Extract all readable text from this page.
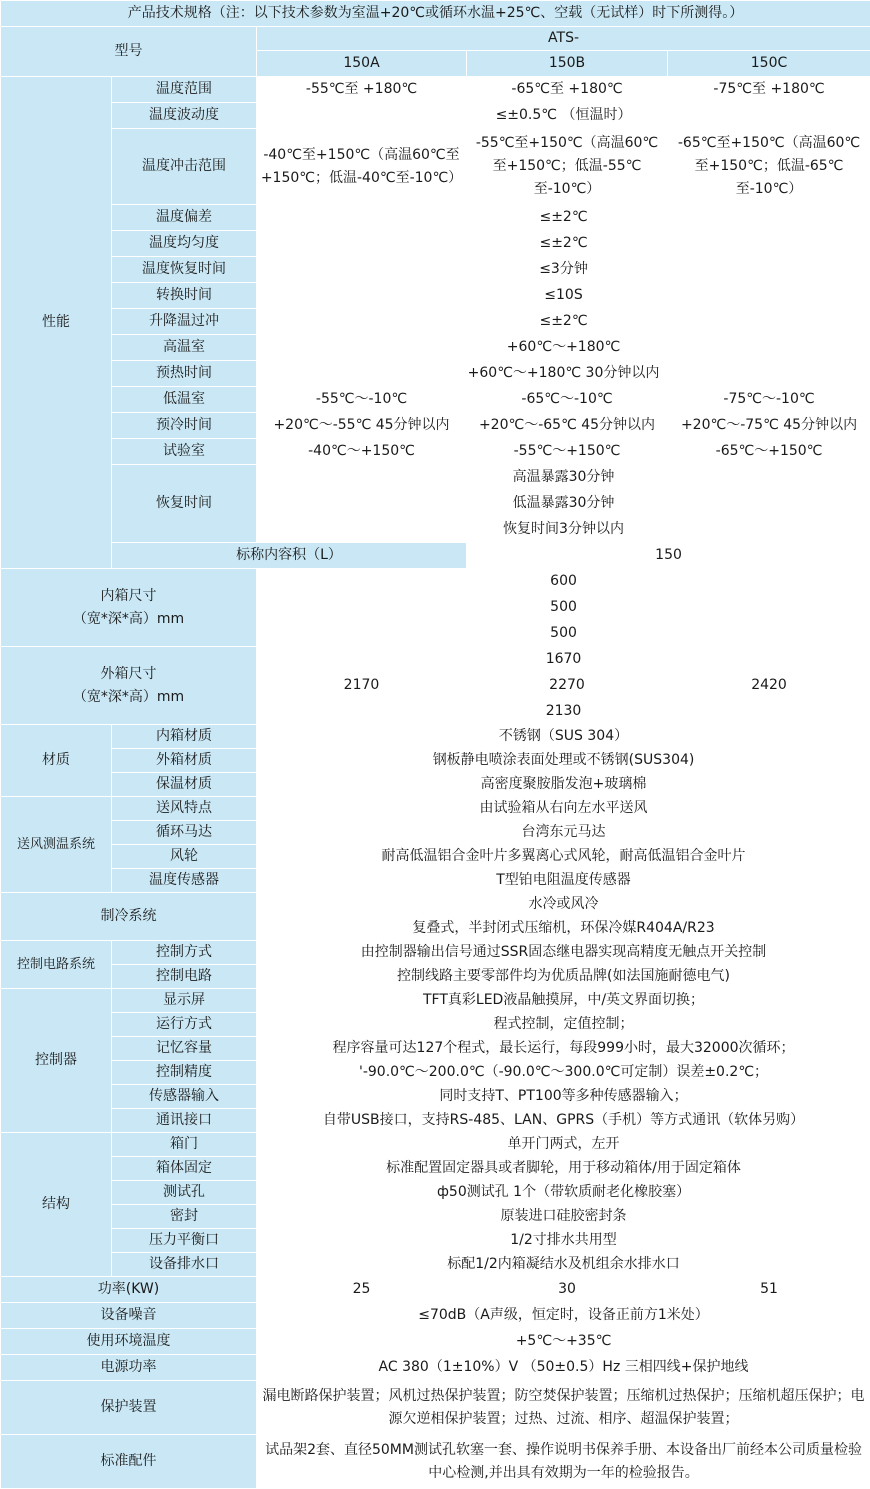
产品技术规格（注：以下技术参数为室温+20℃或循环水温+25℃、空载（无试样）时下所测得。）				
型号		ATS-		
		150A	150B	150C
性能	温度范围	-55℃至 +180℃	-65℃至 +180℃	-75℃至 +180℃
	温度波动度	≤±0.5℃ （恒温时）		
	温度冲击范围	-40℃至+150℃（高温60℃至+150℃；低温-40℃至-10℃）	-55℃至+150℃（高温60℃至+150℃；低温-55℃至-10℃）	-65℃至+150℃（高温60℃至+150℃；低温-65℃至-10℃）
	温度偏差	≤±2℃		
	温度均匀度	≤±2℃		
	温度恢复时间	≤3分钟		
	转换时间	≤10S		
	升降温过冲	≤±2℃		
	高温室	+60℃～+180℃		
	预热时间	+60℃～+180℃ 30分钟以内		
	低温室	-55℃～-10℃	-65℃～-10℃	-75℃～-10℃
	预冷时间	+20℃～-55℃ 45分钟以内	+20℃～-65℃ 45分钟以内	+20℃～-75℃ 45分钟以内
	试验室	-40℃～+150℃	-55℃～+150℃	-65℃～+150℃
	恢复时间	高温暴露30分钟		
		低温暴露30分钟		
		恢复时间3分钟以内		
	标称内容积（L）		150	

内箱尺寸
（宽*深*高）mm		600		
		500		
		500		

外箱尺寸
（宽*深*高）mm		1670		
		2170	2270	2420
		2130		
材质	内箱材质	不锈钢（SUS 304）		
	外箱材质	钢板静电喷涂表面处理或不锈钢(SUS304)		
	保温材质	高密度聚胺脂发泡+玻璃棉		
送风测温系统	送风特点	由试验箱从右向左水平送风		
	循环马达	台湾东元马达		
	风轮	耐高低温铝合金叶片多翼离心式风轮，耐高低温铝合金叶片		
	温度传感器	T型铂电阻温度传感器		
制冷系统		水冷或风冷		
		复叠式，半封闭式压缩机，环保冷媒R404A/R23		
控制电路系统	控制方式	由控制器输出信号通过SSR固态继电器实现高精度无触点开关控制		
	控制电路	控制线路主要零部件均为优质品牌(如法国施耐德电气)		
控制器	显示屏	TFT真彩LED液晶触摸屏，中/英文界面切换；		
	运行方式	程式控制，定值控制；		
	记忆容量	程序容量可达127个程式，最长运行，每段999小时，最大32000次循环；		
	控制精度	'-90.0℃～200.0℃（-90.0℃～300.0℃可定制）误差±0.2℃；		
	传感器输入	同时支持T、PT100等多种传感器输入；		
	通讯接口	自带USB接口，支持RS-485、LAN、GPRS（手机）等方式通讯（软体另购）		
结构	箱门	单开门两式，左开		
	箱体固定	标准配置固定器具或者脚轮，用于移动箱体/用于固定箱体		
	测试孔	ф50测试孔 1个（带软质耐老化橡胶塞）		
	密封	原装进口硅胶密封条		
	压力平衡口	1/2寸排水共用型		
	设备排水口	标配1/2内箱凝结水及机组余水排水口		
功率(KW)		25	30	51
设备噪音		≤70dB（A声级，恒定时，设备正前方1米处）		
使用环境温度		+5℃～+35℃		
电源功率		AC 380（1±10%）V （50±0.5）Hz 三相四线+保护地线		
保护装置		漏电断路保护装置；风机过热保护装置；防空焚保护装置；压缩机过热保护；压缩机超压保护；电源欠逆相保护装置；过热、过流、相序、超温保护装置；		
标准配件		试品架2套、直径50MM测试孔软塞一套、操作说明书保养手册、本设备出厂前经本公司质量检验中心检测,并出具有效期为一年的检验报告。		
